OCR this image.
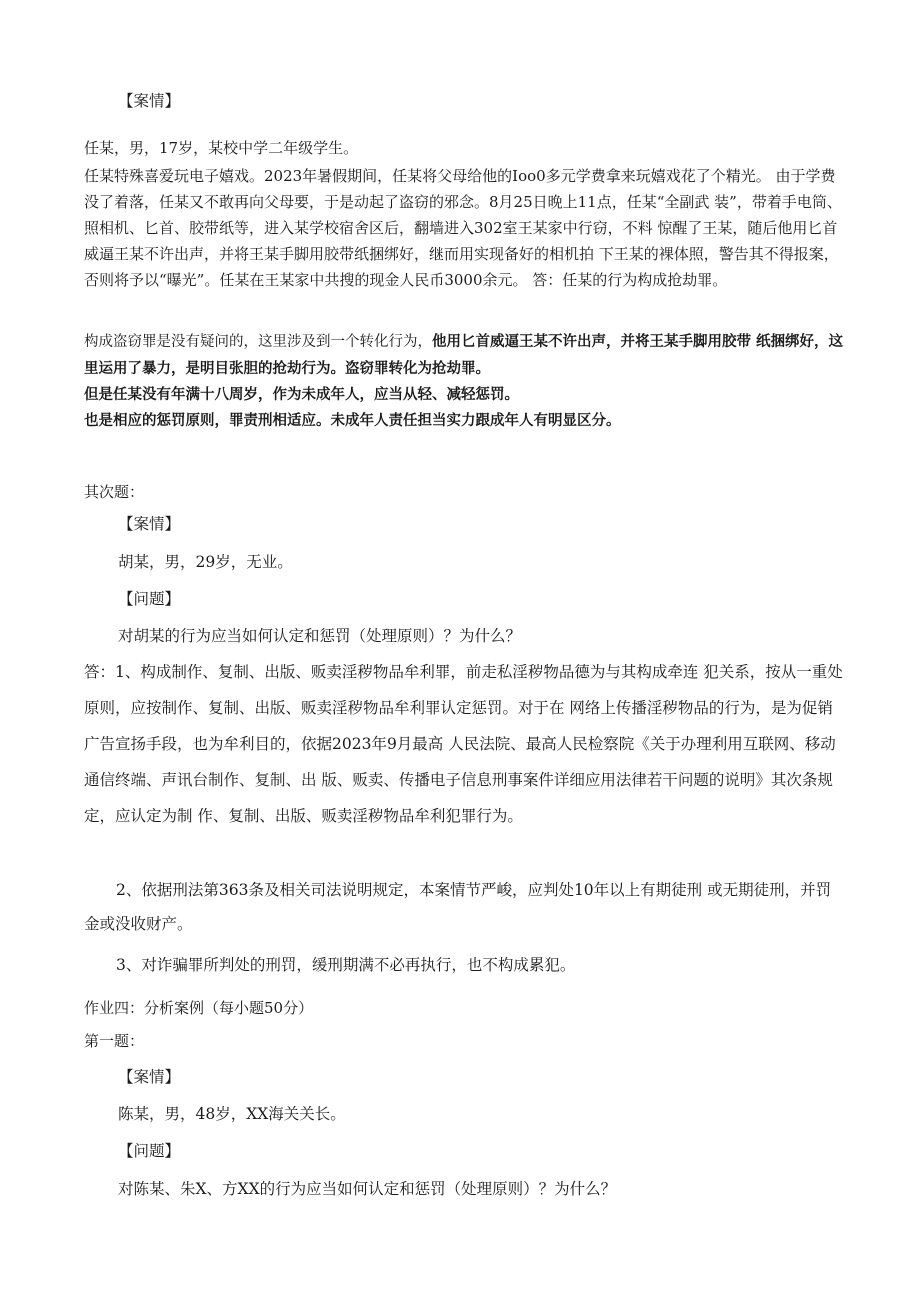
【案情】

任某，男，17岁，某校中学二年级学生。

任某特殊喜爱玩电子嬉戏。2023年暑假期间，任某将父母给他的Ioo0多元学费拿来玩嬉戏花了个精光。 由于学费没了着落，任某又不敢再向父母要，于是动起了盗窃的邪念。8月25日晚上11点，任某“全副武 装”，带着手电筒、照相机、匕首、胶带纸等，进入某学校宿舍区后，翻墙进入302室王某家中行窃，不料 惊醒了王某，随后他用匕首威逼王某不许出声，并将王某手脚用胶带纸捆绑好，继而用实现备好的相机拍 下王某的裸体照，警告其不得报案，否则将予以“曝光”。任某在王某家中共搜的现金人民币3000余元。 答：任某的行为构成抢劫罪。

构成盗窃罪是没有疑问的，这里涉及到一个转化行为，他用匕首威逼王某不许出声，并将王某手脚用胶带 纸捆绑好，这里运用了暴力，是明目张胆的抢劫行为。盗窃罪转化为抢劫罪。

但是任某没有年满十八周岁，作为未成年人，应当从轻、减轻惩罚。

也是相应的惩罚原则，罪责刑相适应。未成年人责任担当实力跟成年人有明显区分。

其次题：

【案情】

胡某，男，29岁，无业。

【问题】

对胡某的行为应当如何认定和惩罚（处理原则）？为什么？

答：1、构成制作、复制、出版、贩卖淫秽物品牟利罪，前走私淫秽物品德为与其构成牵连 犯关系，按从一重处原则，应按制作、复制、出版、贩卖淫秽物品牟利罪认定惩罚。对于在 网络上传播淫秽物品的行为，是为促销广告宣扬手段，也为牟利目的，依据2023年9月最高 人民法院、最高人民检察院《关于办理利用互联网、移动通信终端、声讯台制作、复制、出 版、贩卖、传播电子信息刑事案件详细应用法律若干问题的说明》其次条规定，应认定为制 作、复制、出版、贩卖淫秽物品牟利犯罪行为。

2、依据刑法第363条及相关司法说明规定，本案情节严峻，应判处10年以上有期徒刑 或无期徒刑，并罚金或没收财产。

3、对诈骗罪所判处的刑罚，缓刑期满不必再执行，也不构成累犯。

作业四：分析案例（每小题50分）

第一题：

【案情】

陈某，男，48岁，XX海关关长。

【问题】

对陈某、朱X、方XX的行为应当如何认定和惩罚（处理原则）？为什么？
